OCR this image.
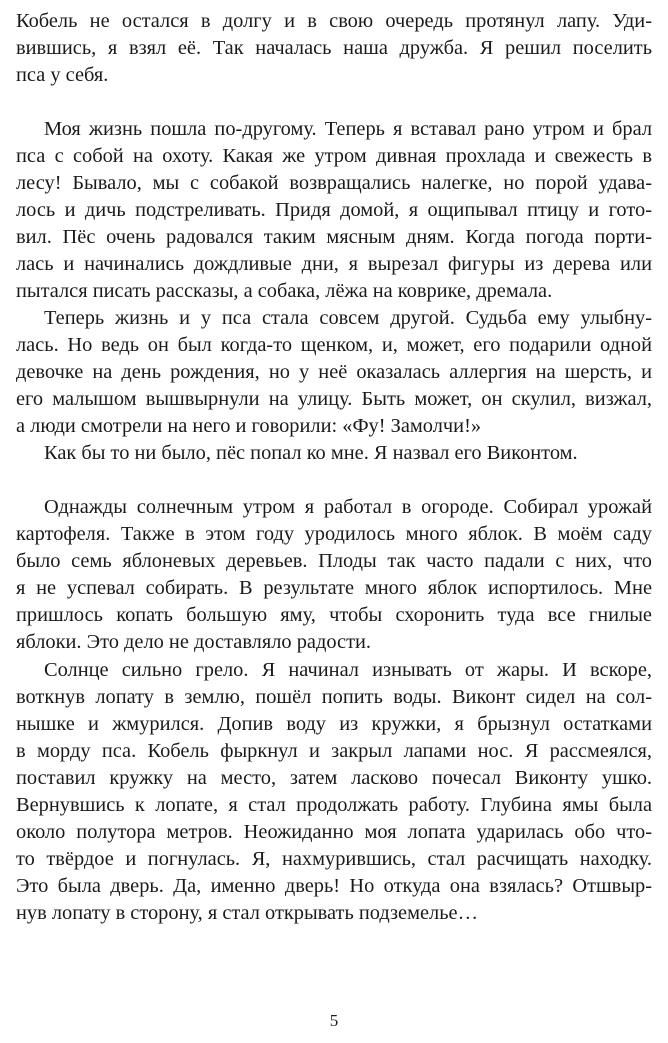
Кобель не остался в долгу и в свою очередь протянул лапу. Уди-
вившись, я взял её. Так началась наша дружба. Я решил поселить
пса у себя.
Моя жизнь пошла по-другому. Теперь я вставал рано утром и брал
пса с собой на охоту. Какая же утром дивная прохлада и свежесть в
лесу! Бывало, мы с собакой возвращались налегке, но порой удава-
лось и дичь подстреливать. Придя домой, я ощипывал птицу и гото-
вил. Пёс очень радовался таким мясным дням. Когда погода порти-
лась и начинались дождливые дни, я вырезал фигуры из дерева или
пытался писать рассказы, а собака, лёжа на коврике, дремала.
Теперь жизнь и у пса стала совсем другой. Судьба ему улыбну-
лась. Но ведь он был когда-то щенком, и, может, его подарили одной
девочке на день рождения, но у неё оказалась аллергия на шерсть, и
его малышом вышвырнули на улицу. Быть может, он скулил, визжал,
а люди смотрели на него и говорили: «Фу! Замолчи!»
Как бы то ни было, пёс попал ко мне. Я назвал его Виконтом.
Однажды солнечным утром я работал в огороде. Собирал урожай
картофеля. Также в этом году уродилось много яблок. В моём саду
было семь яблоневых деревьев. Плоды так часто падали с них, что
я не успевал собирать. В результате много яблок испортилось. Мне
пришлось копать большую яму, чтобы схоронить туда все гнилые
яблоки. Это дело не доставляло радости.
Солнце сильно грело. Я начинал изнывать от жары. И вскоре,
воткнув лопату в землю, пошёл попить воды. Виконт сидел на сол-
нышке и жмурился. Допив воду из кружки, я брызнул остатками
в морду пса. Кобель фыркнул и закрыл лапами нос. Я рассмеялся,
поставил кружку на место, затем ласково почесал Виконту ушко.
Вернувшись к лопате, я стал продолжать работу. Глубина ямы была
около полутора метров. Неожиданно моя лопата ударилась обо что-
то твёрдое и погнулась. Я, нахмурившись, стал расчищать находку.
Это была дверь. Да, именно дверь! Но откуда она взялась? Отшвыр-
нув лопату в сторону, я стал открывать подземелье…
5
